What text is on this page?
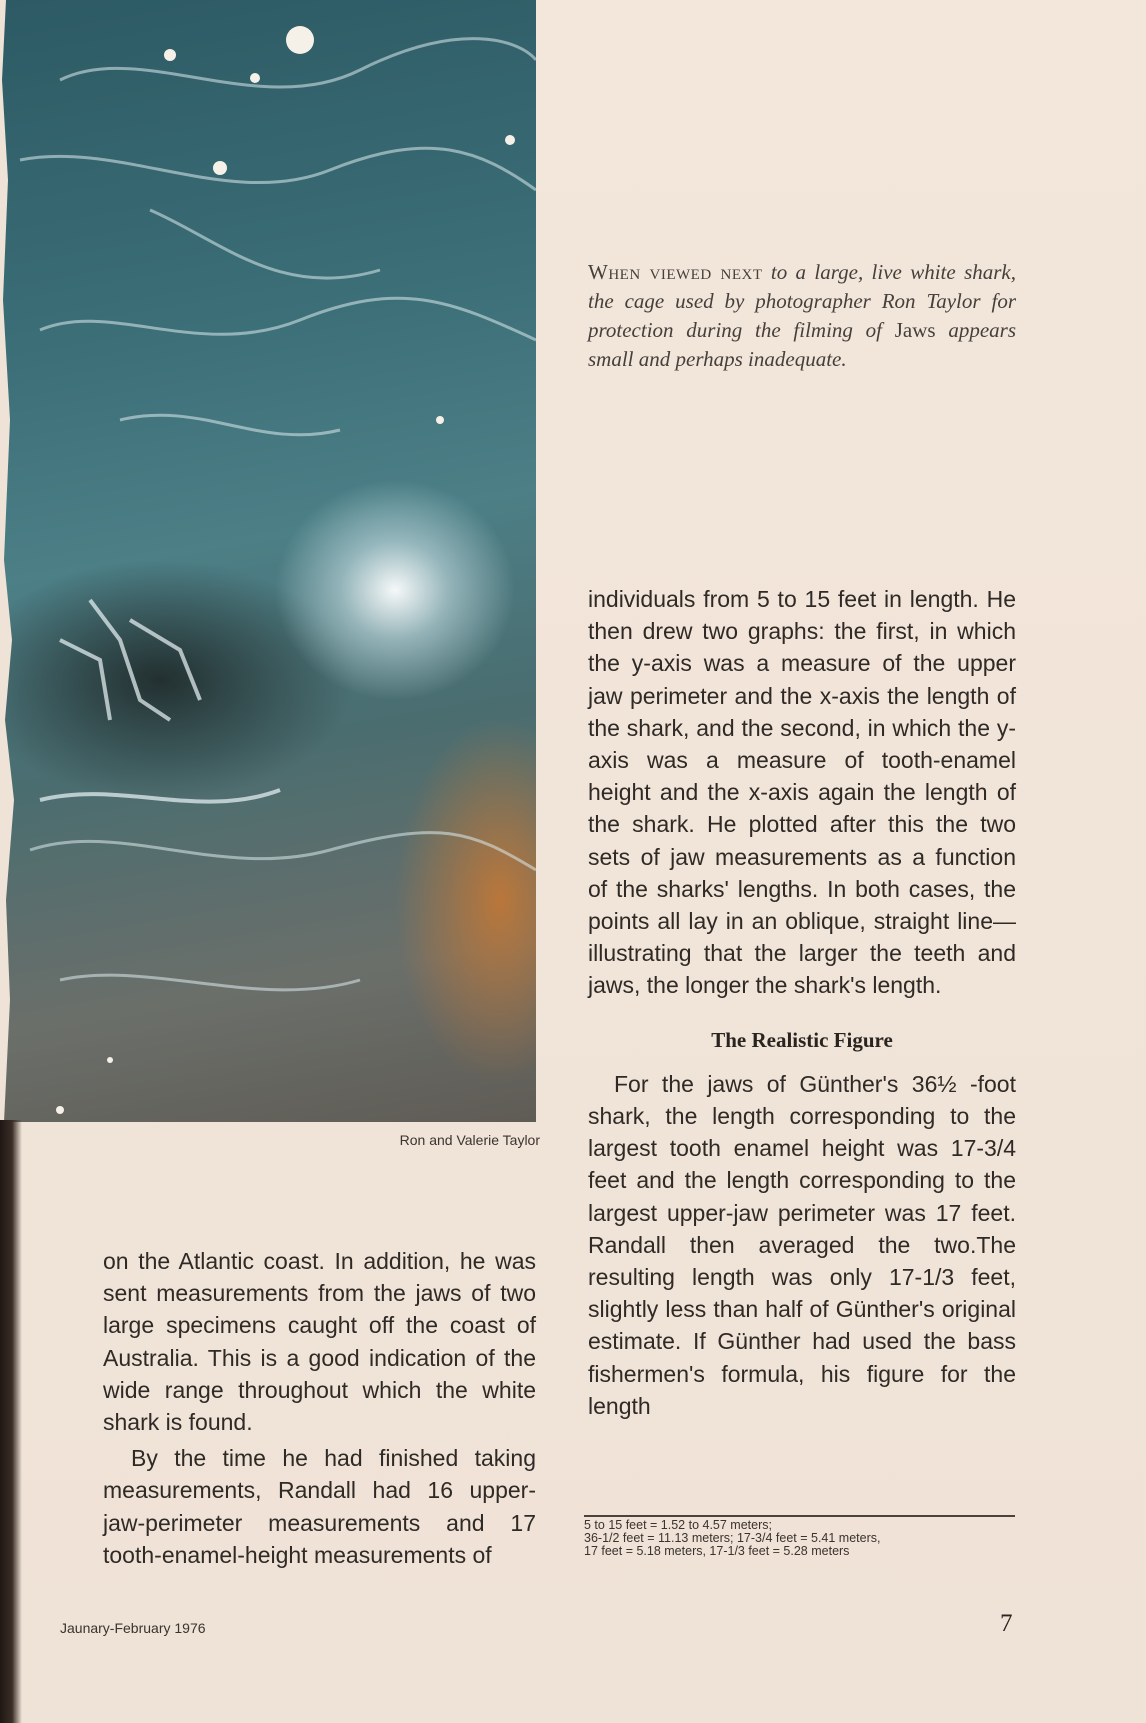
Ron and Valerie Taylor
When viewed next to a large, live white shark, the cage used by photographer Ron Taylor for protection during the filming of Jaws appears small and perhaps inadequate.

individuals from 5 to 15 feet in length. He then drew two graphs: the first, in which the y-axis was a measure of the upper jaw perimeter and the x-axis the length of the shark, and the second, in which the y-axis was a measure of tooth-enamel height and the x-axis again the length of the shark. He plotted after this the two sets of jaw measurements as a function of the sharks' lengths. In both cases, the points all lay in an oblique, straight line—illustrating that the larger the teeth and jaws, the longer the shark's length.

The Realistic Figure

For the jaws of Günther's 36½ -foot shark, the length corresponding to the largest tooth enamel height was 17-3/4 feet and the length corresponding to the largest upper-jaw perimeter was 17 feet. Randall then averaged the two.The resulting length was only 17-1/3 feet, slightly less than half of Günther's original estimate. If Günther had used the bass fishermen's formula, his figure for the length

on the Atlantic coast. In addition, he was sent measurements from the jaws of two large specimens caught off the coast of Australia. This is a good indication of the wide range throughout which the white shark is found.

By the time he had finished taking measurements, Randall had 16 upper-jaw-perimeter measurements and 17 tooth-enamel-height measurements of

5 to 15 feet = 1.52 to 4.57 meters;
36-1/2 feet = 11.13 meters; 17-3/4 feet = 5.41 meters,
17 feet = 5.18 meters, 17-1/3 feet = 5.28 meters
Jaunary-February 1976	7
